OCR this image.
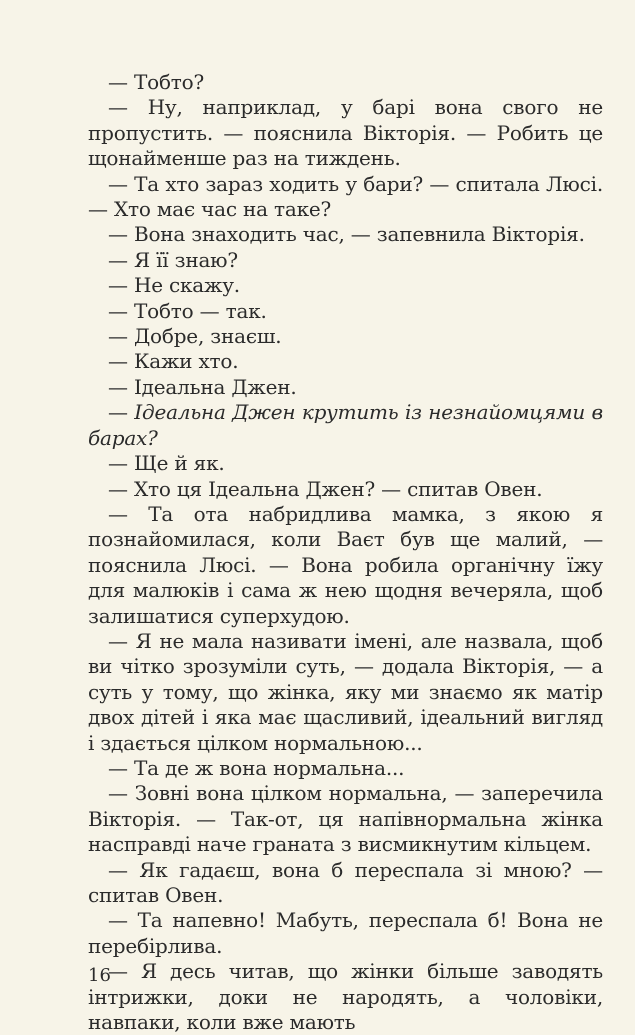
— Тобто?

— Ну, наприклад, у барі вона свого не пропустить. — пояснила Вікторія. — Робить це щонайменше раз на тиждень.

— Та хто зараз ходить у бари? — спитала Люсі. — Хто має час на таке?

— Вона знаходить час, — запевнила Вікторія.

— Я її знаю?

— Не скажу.

— Тобто — так.

— Добре, знаєш.

— Кажи хто.

— Ідеальна Джен.

— Ідеальна Джен крутить із незнайомцями в барах?

— Ще й як.

— Хто ця Ідеальна Джен? — спитав Овен.

— Та ота набридлива мамка, з якою я познайомилася, коли Ваєт був ще малий, — пояснила Люсі. — Вона робила органічну їжу для малюків і сама ж нею щодня вечеряла, щоб залишатися суперхудою.

— Я не мала називати імені, але назвала, щоб ви чітко зрозуміли суть, — додала Вікторія, — а суть у тому, що жінка, яку ми знаємо як матір двох дітей і яка має щасливий, ідеальний вигляд і здається цілком нормальною...

— Та де ж вона нормальна...

— Зовні вона цілком нормальна, — заперечила Вікторія. — Так-от, ця напівнормальна жінка насправді наче граната з висмикнутим кільцем.

— Як гадаєш, вона б переспала зі мною? — спитав Овен.

— Та напевно! Мабуть, переспала б! Вона не перебірлива.

— Я десь читав, що жінки більше заводять інтрижки, доки не народять, а чоловіки, навпаки, коли вже мають

16
